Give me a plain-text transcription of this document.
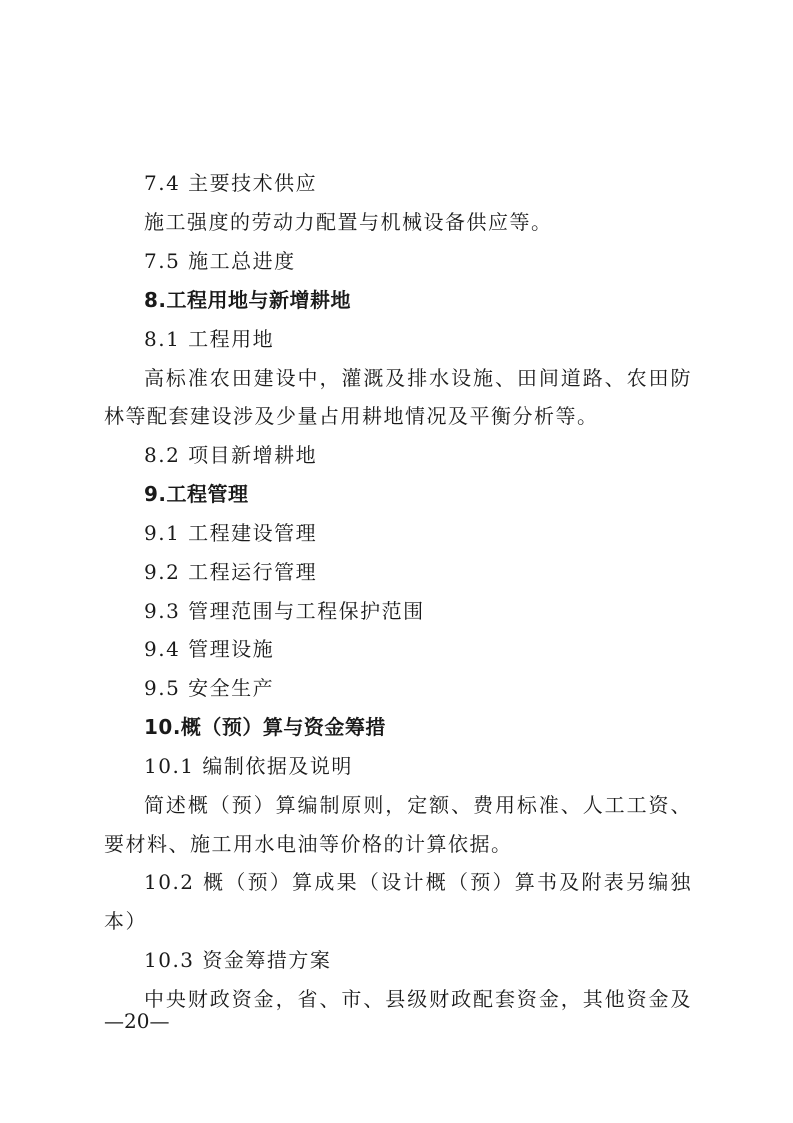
7.4 主要技术供应
施工强度的劳动力配置与机械设备供应等。
7.5 施工总进度
8.工程用地与新增耕地
8.1 工程用地
高标准农田建设中，灌溉及排水设施、田间道路、农田防
林等配套建设涉及少量占用耕地情况及平衡分析等。
8.2 项目新增耕地
9.工程管理
9.1 工程建设管理
9.2 工程运行管理
9.3 管理范围与工程保护范围
9.4 管理设施
9.5 安全生产
10.概（预）算与资金筹措
10.1 编制依据及说明
简述概（预）算编制原则，定额、费用标准、人工工资、
要材料、施工用水电油等价格的计算依据。
10.2 概（预）算成果（设计概（预）算书及附表另编独
本）
10.3 资金筹措方案
中央财政资金，省、市、县级财政配套资金，其他资金及
—20—
